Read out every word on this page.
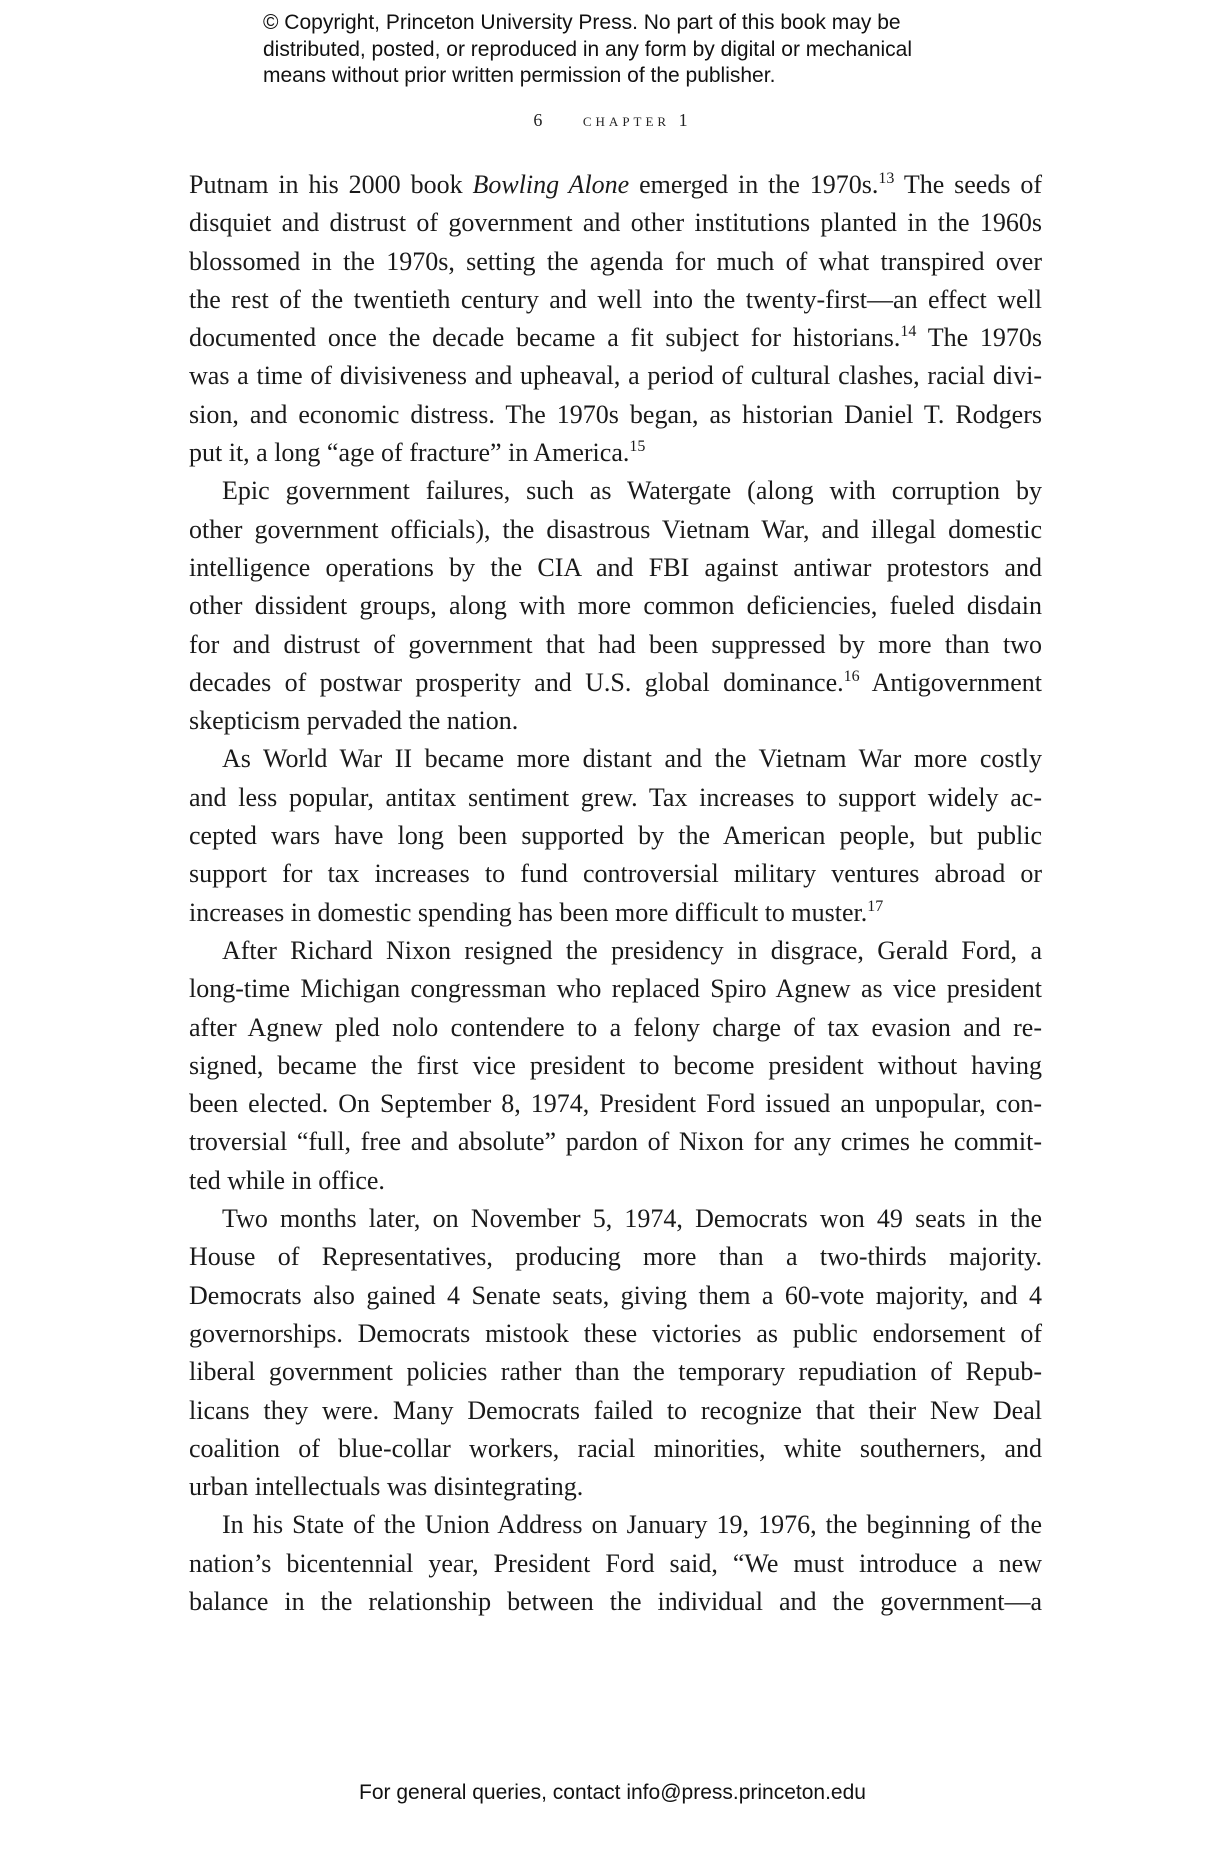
© Copyright, Princeton University Press. No part of this book may be
distributed, posted, or reproduced in any form by digital or mechanical
means without prior written permission of the publisher.
6 chapter 1
Putnam in his 2000 book Bowling Alone emerged in the 1970s.$^{13}$ The seeds of
disquiet and distrust of government and other institutions planted in the 1960s
blossomed in the 1970s, setting the agenda for much of what transpired over
the rest of the twentieth century and well into the twenty-first—an effect well
documented once the decade became a fit subject for historians.$^{14}$ The 1970s
was a time of divisiveness and upheaval, a period of cultural clashes, racial divi-
sion, and economic distress. The 1970s began, as historian Daniel T. Rodgers
put it, a long “age of fracture” in America.$^{15}$
Epic government failures, such as Watergate (along with corruption by
other government officials), the disastrous Vietnam War, and illegal domestic
intelligence operations by the CIA and FBI against antiwar protestors and
other dissident groups, along with more common deficiencies, fueled disdain
for and distrust of government that had been suppressed by more than two
decades of postwar prosperity and U.S. global dominance.$^{16}$ Antigovernment
skepticism pervaded the nation.
As World War II became more distant and the Vietnam War more costly
and less popular, antitax sentiment grew. Tax increases to support widely ac-
cepted wars have long been supported by the American people, but public
support for tax increases to fund controversial military ventures abroad or
increases in domestic spending has been more difficult to muster.$^{17}$
After Richard Nixon resigned the presidency in disgrace, Gerald Ford, a
long-time Michigan congressman who replaced Spiro Agnew as vice president
after Agnew pled nolo contendere to a felony charge of tax evasion and re-
signed, became the first vice president to become president without having
been elected. On September 8, 1974, President Ford issued an unpopular, con-
troversial “full, free and absolute” pardon of Nixon for any crimes he commit-
ted while in office.
Two months later, on November 5, 1974, Democrats won 49 seats in the
House of Representatives, producing more than a two-thirds majority.
Democrats also gained 4 Senate seats, giving them a 60-vote majority, and 4
governorships. Democrats mistook these victories as public endorsement of
liberal government policies rather than the temporary repudiation of Repub-
licans they were. Many Democrats failed to recognize that their New Deal
coalition of blue-collar workers, racial minorities, white southerners, and
urban intellectuals was disintegrating.
In his State of the Union Address on January 19, 1976, the beginning of the
nation’s bicentennial year, President Ford said, “We must introduce a new
balance in the relationship between the individual and the government—a
For general queries, contact info@press.princeton.edu
